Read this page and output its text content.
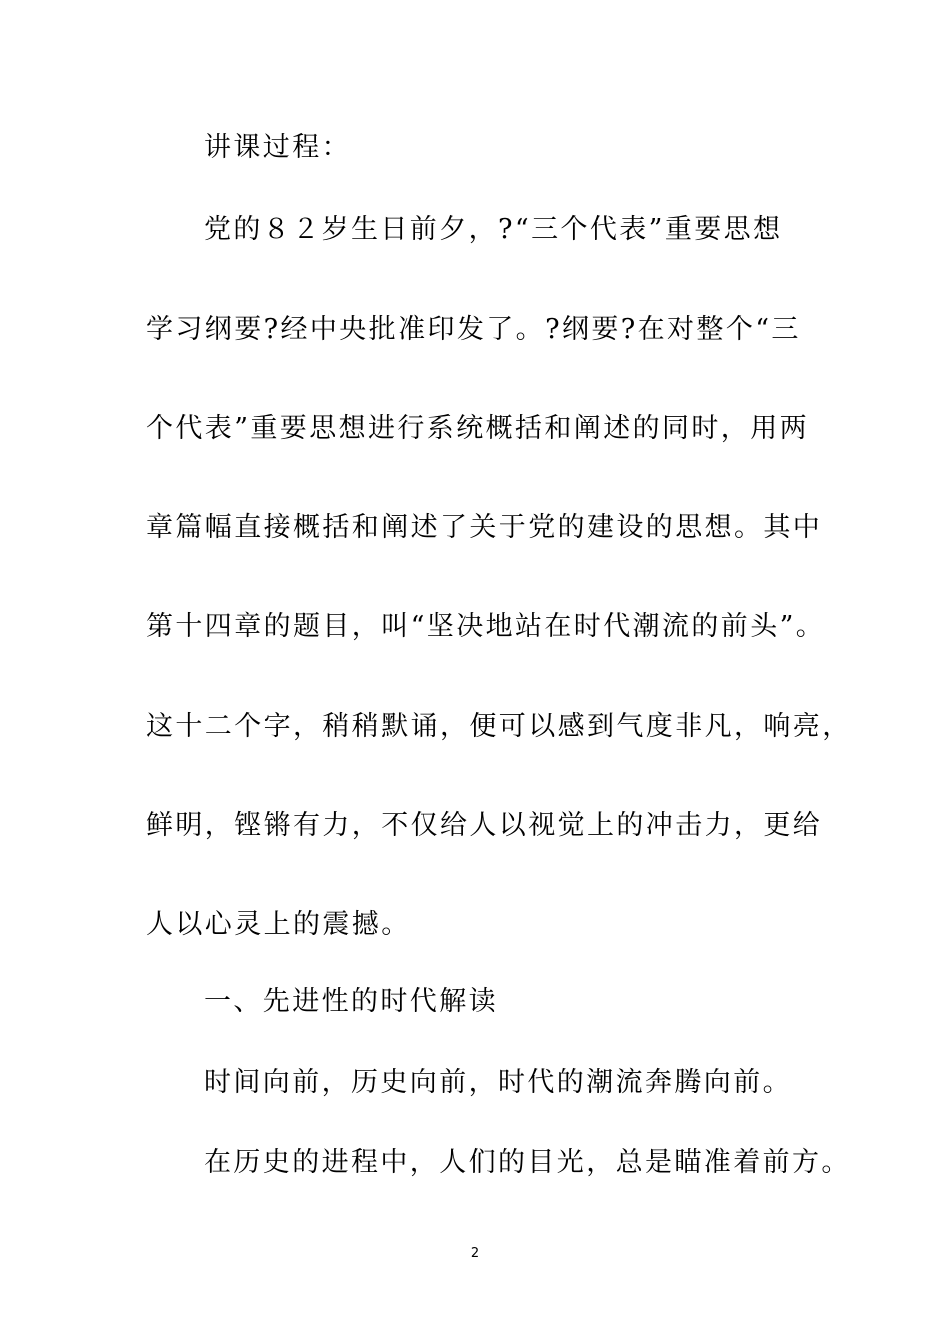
讲课过程：
党的８２岁生日前夕，?“三个代表”重要思想
学习纲要?经中央批准印发了。?纲要?在对整个“三
个代表”重要思想进行系统概括和阐述的同时，用两
章篇幅直接概括和阐述了关于党的建设的思想。其中
第十四章的题目，叫“坚决地站在时代潮流的前头”。
这十二个字，稍稍默诵，便可以感到气度非凡，响亮，
鲜明，铿锵有力，不仅给人以视觉上的冲击力，更给
人以心灵上的震撼。
一、先进性的时代解读
时间向前，历史向前，时代的潮流奔腾向前。
在历史的进程中，人们的目光，总是瞄准着前方。
2
